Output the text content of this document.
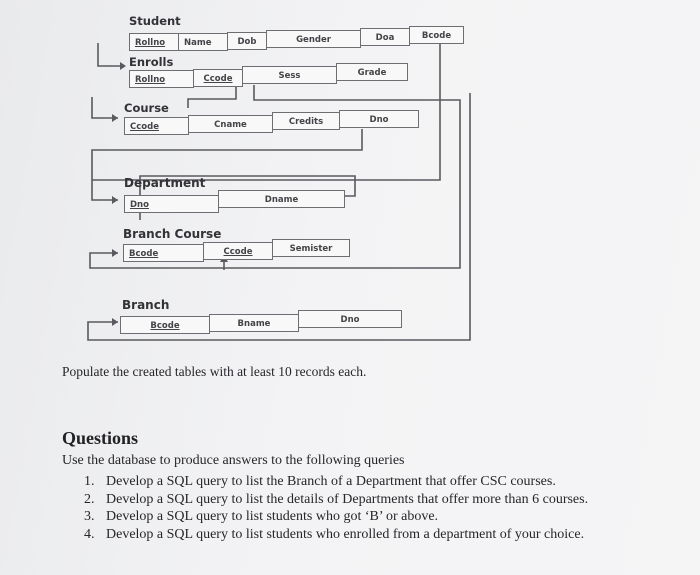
Student
Rollno	Name	Dob	Gender	Doa	Bcode
Enrolls
Rollno	Ccode	Sess	Grade
Course
Ccode	Cname	Credits	Dno
Department
Dno	Dname
Branch Course
Bcode	Ccode	Semister
Branch
Bcode	Bname	Dno
Populate the created tables with at least 10 records each.
Questions
Use the database to produce answers to the following queries
1. Develop a SQL query to list the Branch of a Department that offer CSC courses.
2. Develop a SQL query to list the details of Departments that offer more than 6 courses.
3. Develop a SQL query to list students who got ‘B’ or above.
4. Develop a SQL query to list students who enrolled from a department of your choice.
